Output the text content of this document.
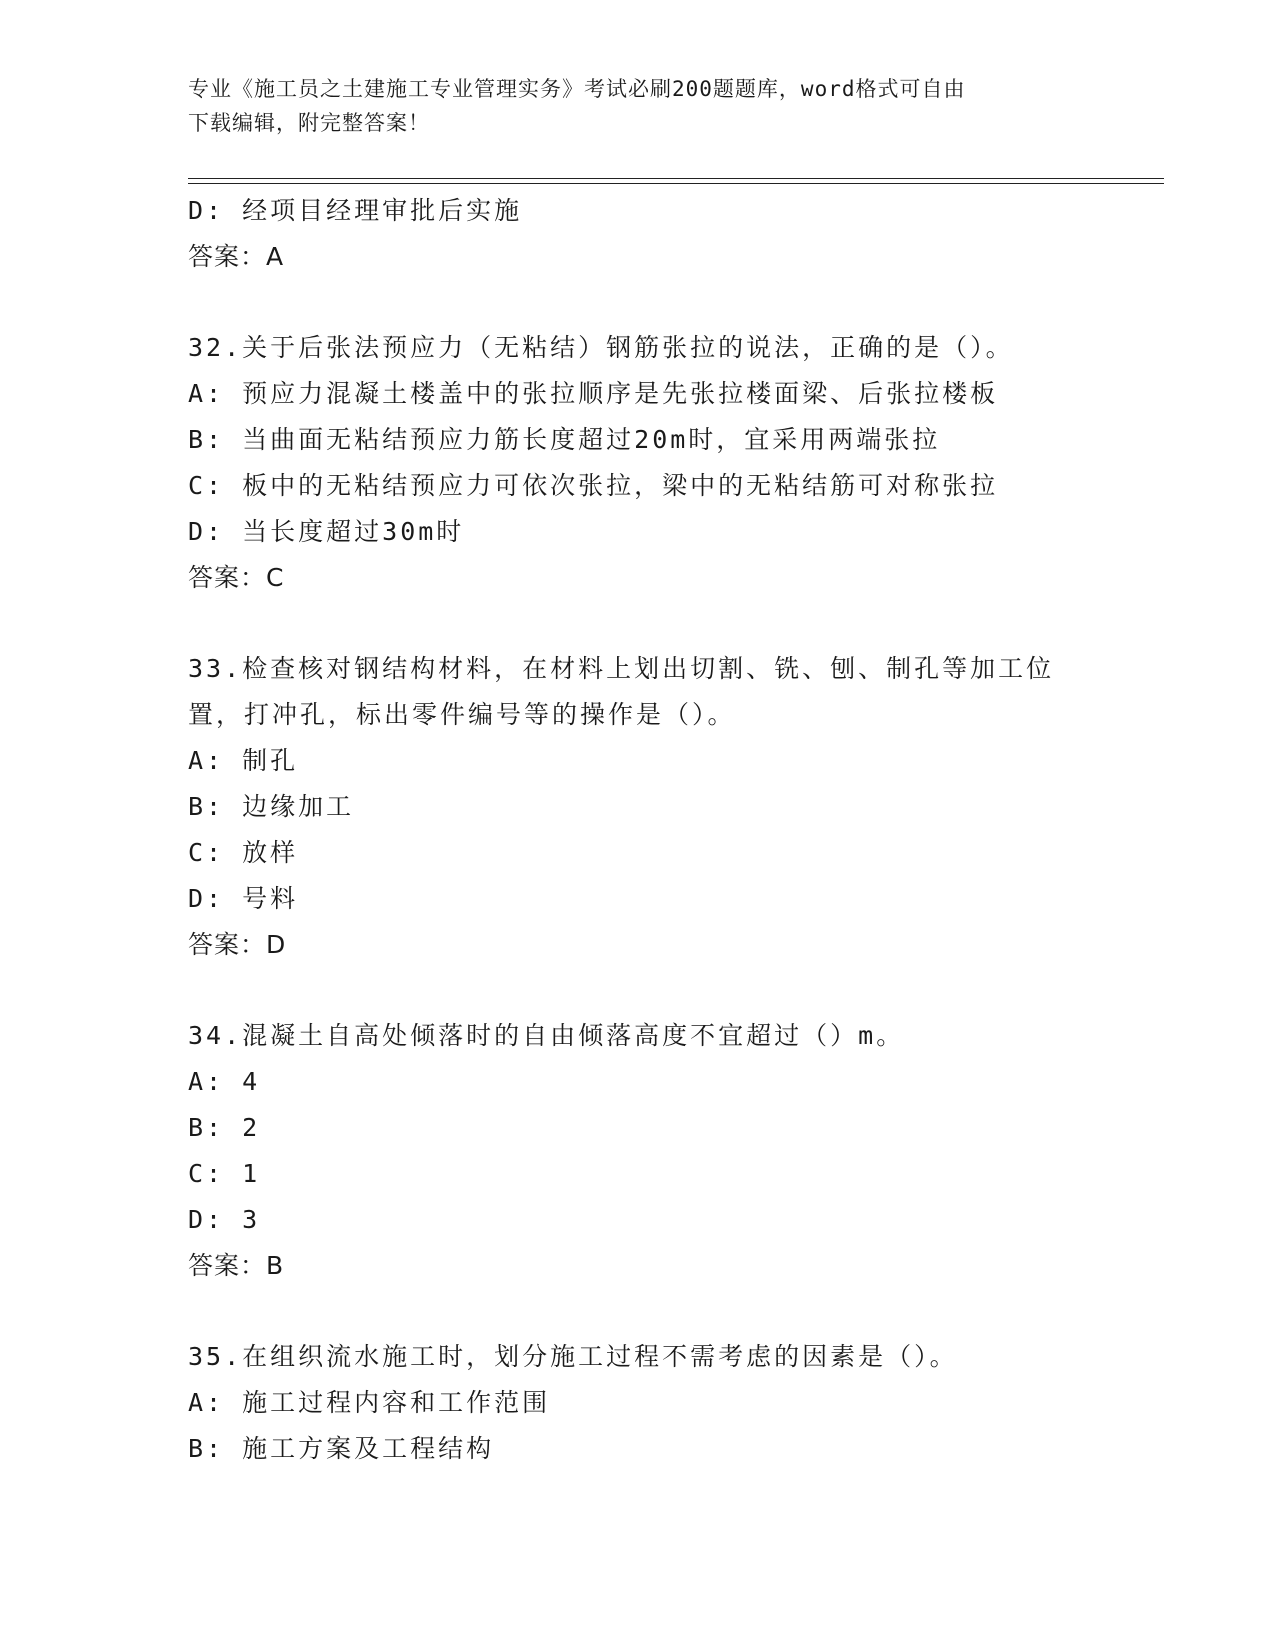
专业《施工员之土建施工专业管理实务》考试必刷200题题库，word格式可自由
下载编辑，附完整答案！
D: 经项目经理审批后实施
答案：A
32.关于后张法预应力（无粘结）钢筋张拉的说法，正确的是（）。
A: 预应力混凝土楼盖中的张拉顺序是先张拉楼面梁、后张拉楼板
B: 当曲面无粘结预应力筋长度超过20m时，宜采用两端张拉
C: 板中的无粘结预应力可依次张拉，梁中的无粘结筋可对称张拉
D: 当长度超过30m时
答案：C
33.检查核对钢结构材料，在材料上划出切割、铣、刨、制孔等加工位
置，打冲孔，标出零件编号等的操作是（）。
A: 制孔
B: 边缘加工
C: 放样
D: 号料
答案：D
34.混凝土自高处倾落时的自由倾落高度不宜超过（）m。
A: 4
B: 2
C: 1
D: 3
答案：B
35.在组织流水施工时，划分施工过程不需考虑的因素是（）。
A: 施工过程内容和工作范围
B: 施工方案及工程结构
